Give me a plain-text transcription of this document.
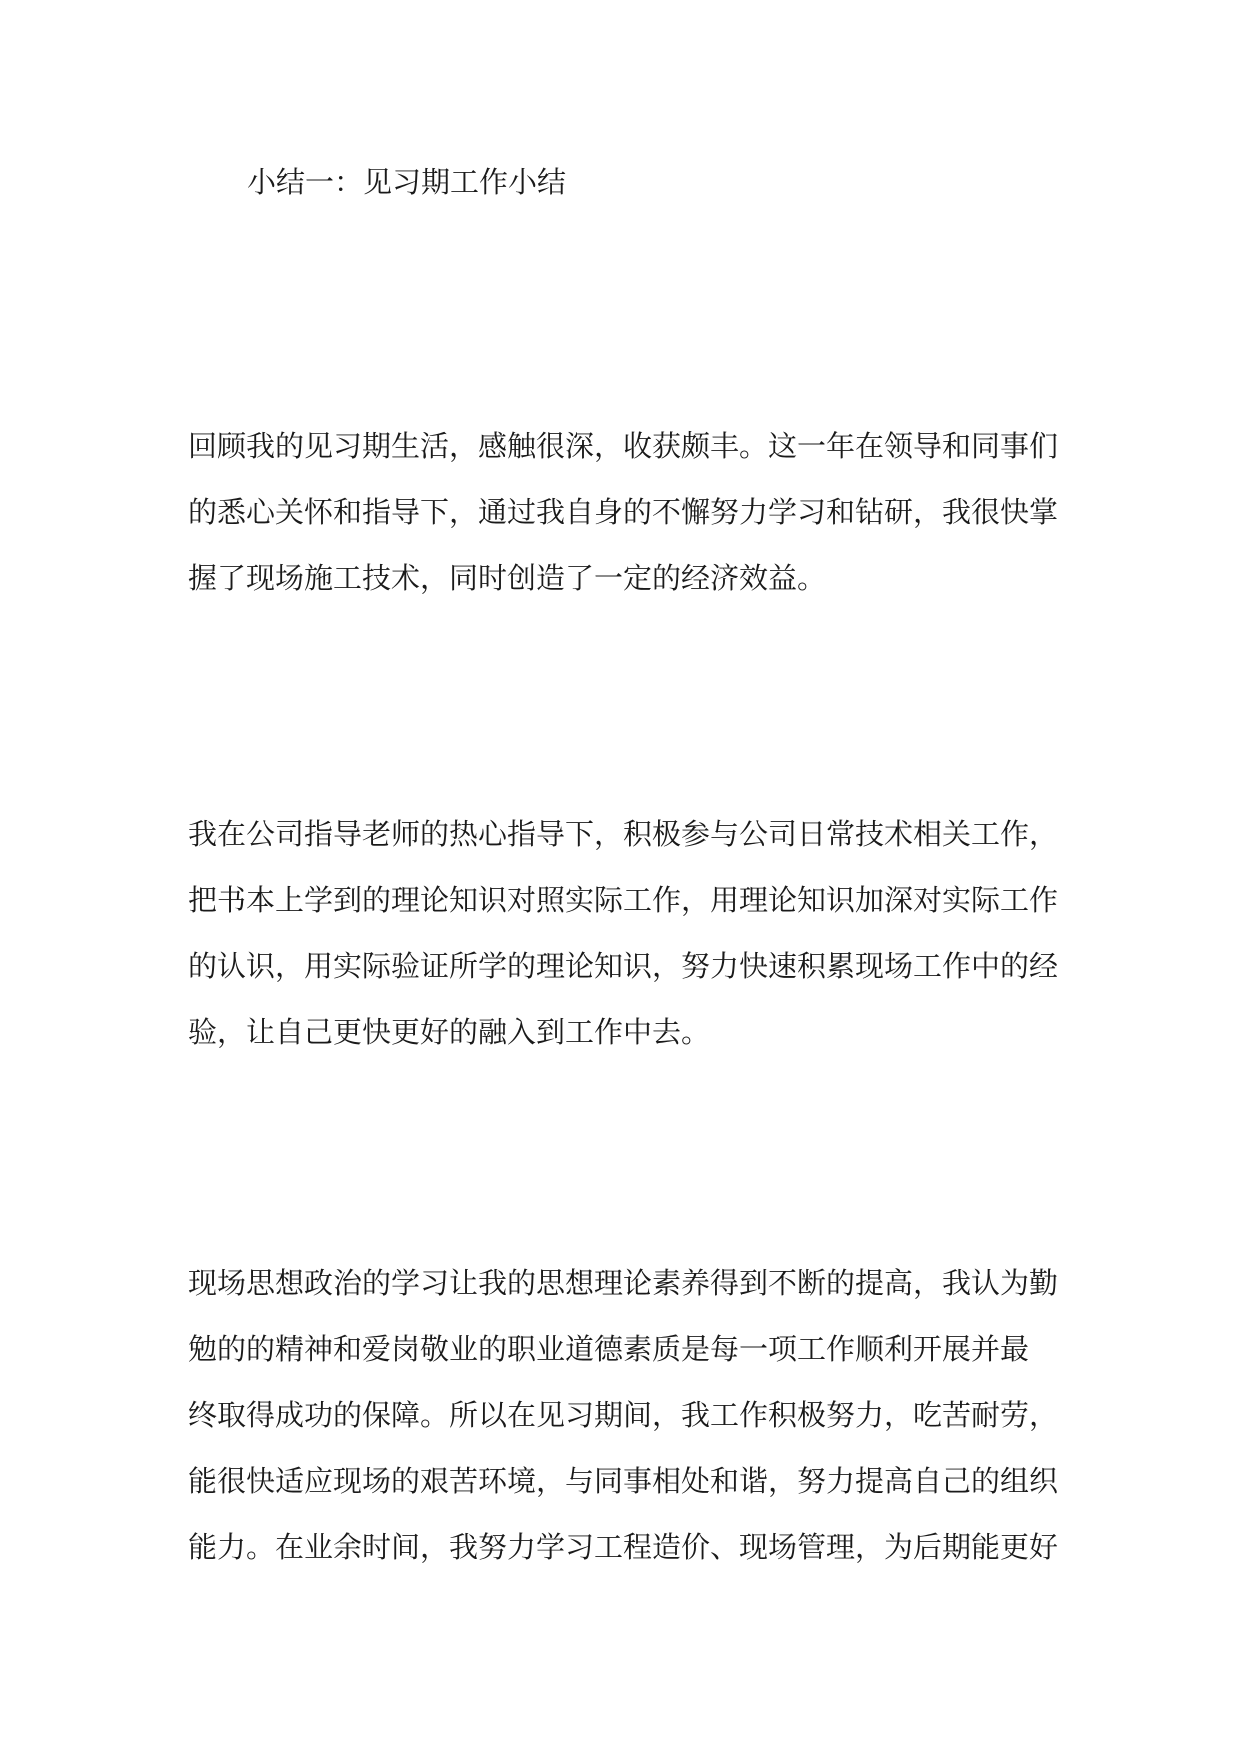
小结一：见习期工作小结
回顾我的见习期生活，感触很深，收获颇丰。这一年在领导和同事们
的悉心关怀和指导下，通过我自身的不懈努力学习和钻研，我很快掌
握了现场施工技术，同时创造了一定的经济效益。
我在公司指导老师的热心指导下，积极参与公司日常技术相关工作，
把书本上学到的理论知识对照实际工作，用理论知识加深对实际工作
的认识，用实际验证所学的理论知识，努力快速积累现场工作中的经
验，让自己更快更好的融入到工作中去。
现场思想政治的学习让我的思想理论素养得到不断的提高，我认为勤
勉的的精神和爱岗敬业的职业道德素质是每一项工作顺利开展并最
终取得成功的保障。所以在见习期间，我工作积极努力，吃苦耐劳，
能很快适应现场的艰苦环境，与同事相处和谐，努力提高自己的组织
能力。在业余时间，我努力学习工程造价、现场管理，为后期能更好
